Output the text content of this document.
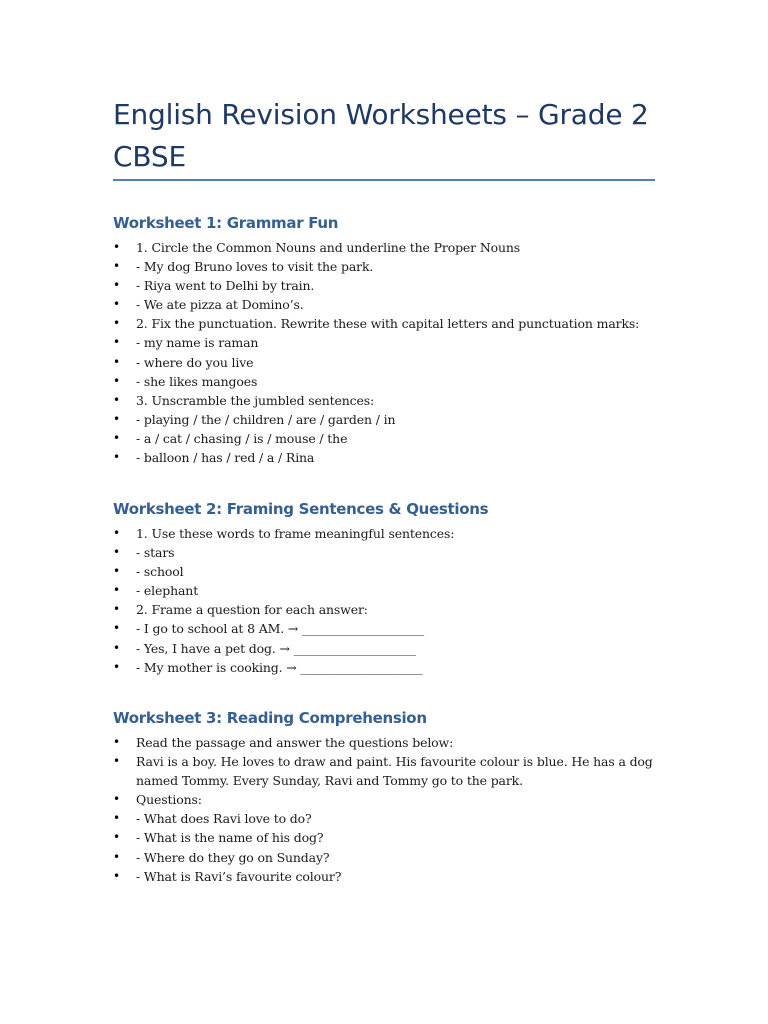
English Revision Worksheets – Grade 2 CBSE
Worksheet 1: Grammar Fun
• 1. Circle the Common Nouns and underline the Proper Nouns
• - My dog Bruno loves to visit the park.
• - Riya went to Delhi by train.
• - We ate pizza at Domino’s.
• 2. Fix the punctuation. Rewrite these with capital letters and punctuation marks:
• - my name is raman
• - where do you live
• - she likes mangoes
• 3. Unscramble the jumbled sentences:
• - playing / the / children / are / garden / in
• - a / cat / chasing / is / mouse / the
• - balloon / has / red / a / Rina
Worksheet 2: Framing Sentences & Questions
• 1. Use these words to frame meaningful sentences:
• - stars
• - school
• - elephant
• 2. Frame a question for each answer:
• - I go to school at 8 AM. → ____________________
• - Yes, I have a pet dog. → ____________________
• - My mother is cooking. → ____________________
Worksheet 3: Reading Comprehension
• Read the passage and answer the questions below:
• Ravi is a boy. He loves to draw and paint. His favourite colour is blue. He has a dog named Tommy. Every Sunday, Ravi and Tommy go to the park.
• Questions:
• - What does Ravi love to do?
• - What is the name of his dog?
• - Where do they go on Sunday?
• - What is Ravi’s favourite colour?
